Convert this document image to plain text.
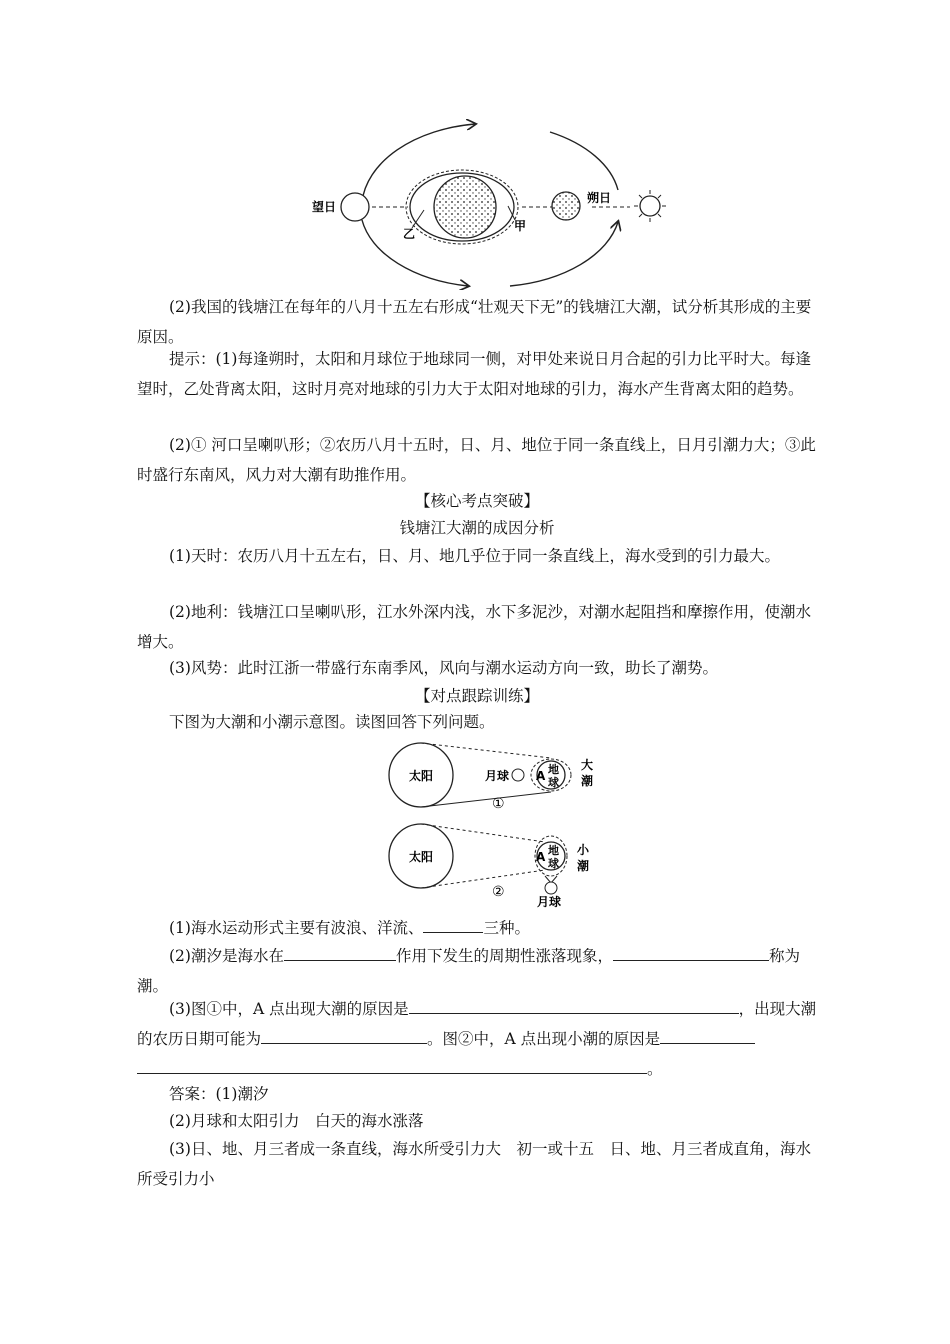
望日
乙
甲
朔日

(2)我国的钱塘江在每年的八月十五左右形成“壮观天下无”的钱塘江大潮，试分析其形成的主要原因。

提示：(1)每逢朔时，太阳和月球位于地球同一侧，对甲处来说日月合起的引力比平时大。每逢望时，乙处背离太阳，这时月亮对地球的引力大于太阳对地球的引力，海水产生背离太阳的趋势。

(2)① 河口呈喇叭形；②农历八月十五时，日、月、地位于同一条直线上，日月引潮力大；③此时盛行东南风，风力对大潮有助推作用。

【核心考点突破】

钱塘江大潮的成因分析

(1)天时：农历八月十五左右，日、月、地几乎位于同一条直线上，海水受到的引力最大。

(2)地利：钱塘江口呈喇叭形，江水外深内浅，水下多泥沙，对潮水起阻挡和摩擦作用，使潮水增大。

(3)风势：此时江浙一带盛行东南季风，风向与潮水运动方向一致，助长了潮势。

【对点跟踪训练】

下图为大潮和小潮示意图。读图回答下列问题。

太阳	月球 A 地
球
大
潮
①
太阳	A 地
球
小
潮
月球
②

(1)海水运动形式主要有波浪、洋流、	三种。

(2)潮汐是海水在	作用下发生的周期性涨落现象，	称为潮。

(3)图①中，A 点出现大潮的原因是	，出现大潮的农历日期可能为	。图②中，A 点出现小潮的原因是。

答案：(1)潮汐

(2)月球和太阳引力　白天的海水涨落

(3)日、地、月三者成一条直线，海水所受引力大　初一或十五　日、地、月三者成直角，海水所受引力小
